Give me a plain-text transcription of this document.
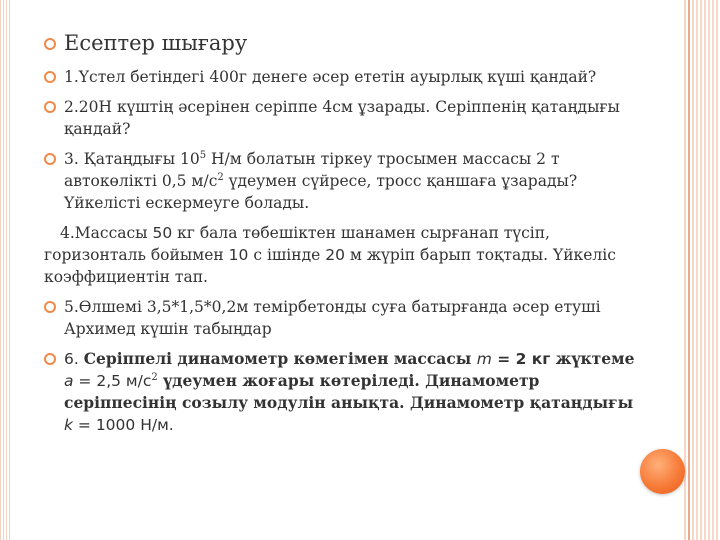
Есептер шығару
1.Үстел бетіндегі 400г денеге әсер ететін ауырлық күші қандай?
2.20Н күштің әсерінен серіппе 4см ұзарады. Серіппенің қатаңдығы қандай?
3. Қатаңдығы $10^5$ Н/м болатын тіркеу тросымен массасы 2 т автокөлікті 0,5 $м/с^2$ үдеумен сүйресе, тросс қаншаға ұзарады? Үйкелісті ескермеуге болады.
4.Массасы 50 кг бала төбешіктен шанамен сырғанап түсіп, горизонталь бойымен 10 с ішінде 20 м жүріп барып тоқтады. Үйкеліс коэффициентін тап.
5.Өлшемі 3,5*1,5*0,2м темірбетонды суға батырғанда әсер етуші Архимед күшін табыңдар
6. Серіппелі динамометр көмегімен массасы m = 2 кг жүктеме a = 2,5 $м/с^2$ үдеумен жоғары көтеріледі. Динамометр серіппесінің созылу модулін анықта. Динамометр қатаңдығы k = 1000 Н/м.
